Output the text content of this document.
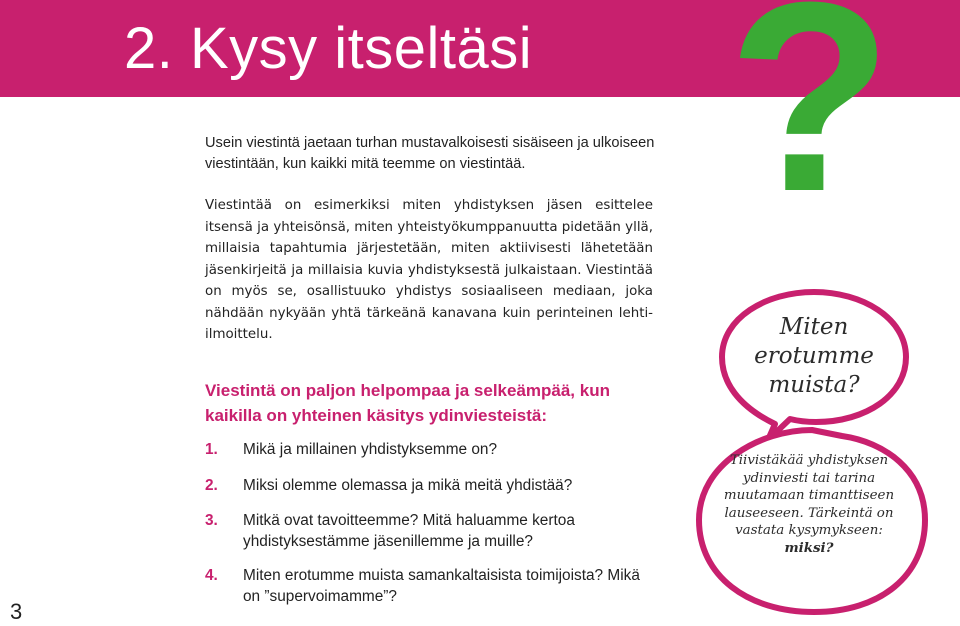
2. Kysy itseltäsi ?

Usein viestintä jaetaan turhan mustavalkoisesti sisäiseen ja ulkoiseen viestintään, kun kaikki mitä teemme on viestintää.

Viestintää on esimerkiksi miten yhdistyksen jäsen esittelee itsensä ja yhteisönsä, miten yhteistyökumppanuutta pidetään yllä, millaisia tapahtumia järjestetään, miten aktiivisesti lähetetään jäsenkirjeitä ja millaisia kuvia yhdistyksestä julkaistaan. Viestintää on myös se, osallistuuko yhdistys sosiaaliseen mediaan, joka nähdään nykyään yhtä tärkeänä kanavana kuin perinteinen lehti-ilmoittelu.

Viestintä on paljon helpompaa ja selkeämpää, kun kaikilla on yhteinen käsitys ydinviesteistä:

1.	Mikä ja millainen yhdistyksemme on?
2.	Miksi olemme olemassa ja mikä meitä yhdistää?
3.	Mitkä ovat tavoitteemme? Mitä haluamme kertoa yhdistyksestämme jäsenillemme ja muille?
4.	Miten erotumme muista samankaltaisista toimijoista? Mikä on ”supervoimamme”?
Miten erotumme muista?
Tiivistäkää yhdistyksen ydinviesti tai tarina muutamaan timanttiseen lauseeseen. Tärkeintä on vastata kysymykseen:
miksi?
3
